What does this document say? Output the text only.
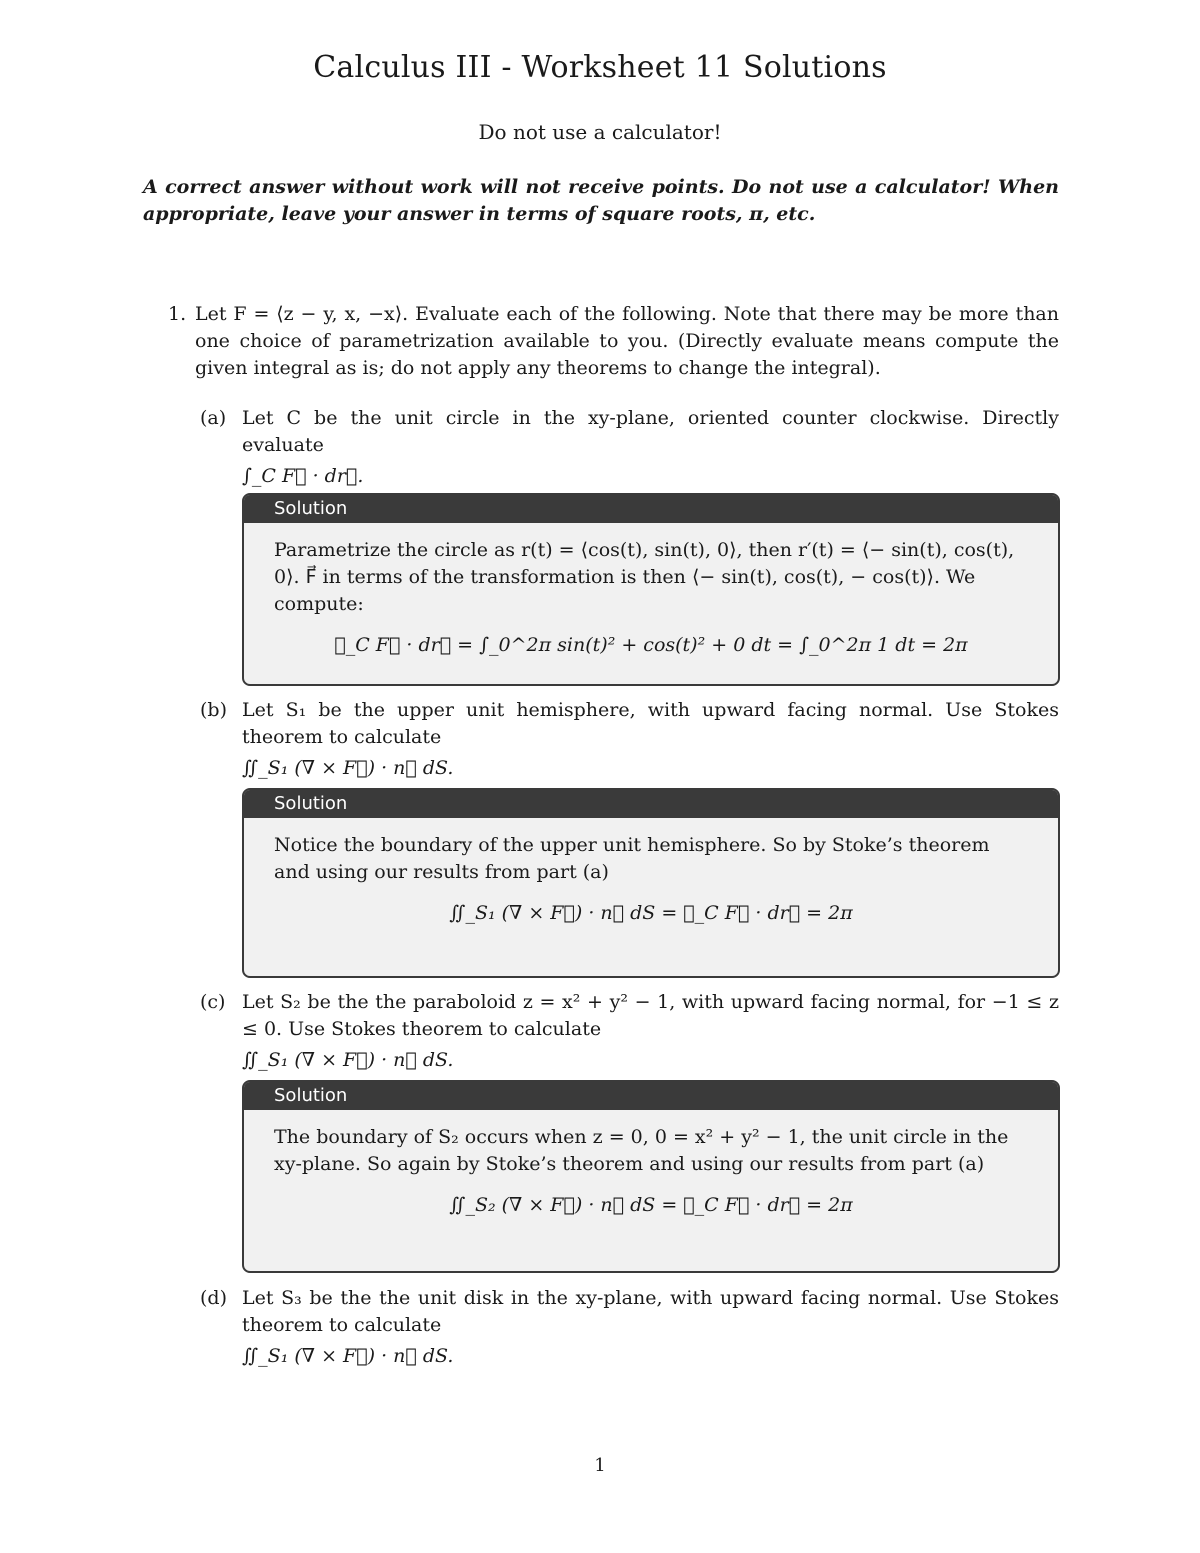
Calculus III - Worksheet 11 Solutions
Do not use a calculator!
A correct answer without work will not receive points. Do not use a calculator! When appropriate, leave your answer in terms of square roots, π, etc.
1. Let F = ⟨z − y, x, −x⟩. Evaluate each of the following. Note that there may be more than one choice of parametrization available to you. (Directly evaluate means compute the given integral as is; do not apply any theorems to change the integral).
(a) Let C be the unit circle in the xy-plane, oriented counter clockwise. Directly evaluate
∫_C F⃗ · dr⃗.
Solution
Parametrize the circle as r(t) = ⟨cos(t), sin(t), 0⟩, then r′(t) = ⟨− sin(t), cos(t), 0⟩. F⃗ in terms of the transformation is then ⟨− sin(t), cos(t), − cos(t)⟩. We compute:
∮_C F⃗ · dr⃗ = ∫_0^2π sin(t)² + cos(t)² + 0 dt = ∫_0^2π 1 dt = 2π
(b) Let S₁ be the upper unit hemisphere, with upward facing normal. Use Stokes theorem to calculate
∬_S₁ (∇ × F⃗) · n⃗ dS.
Solution
Notice the boundary of the upper unit hemisphere. So by Stoke’s theorem and using our results from part (a)
∬_S₁ (∇ × F⃗) · n⃗ dS = ∮_C F⃗ · dr⃗ = 2π
(c) Let S₂ be the the paraboloid z = x² + y² − 1, with upward facing normal, for −1 ≤ z ≤ 0. Use Stokes theorem to calculate
∬_S₁ (∇ × F⃗) · n⃗ dS.
Solution
The boundary of S₂ occurs when z = 0, 0 = x² + y² − 1, the unit circle in the xy-plane. So again by Stoke’s theorem and using our results from part (a)
∬_S₂ (∇ × F⃗) · n⃗ dS = ∮_C F⃗ · dr⃗ = 2π
(d) Let S₃ be the the unit disk in the xy-plane, with upward facing normal. Use Stokes theorem to calculate
∬_S₁ (∇ × F⃗) · n⃗ dS.
1
